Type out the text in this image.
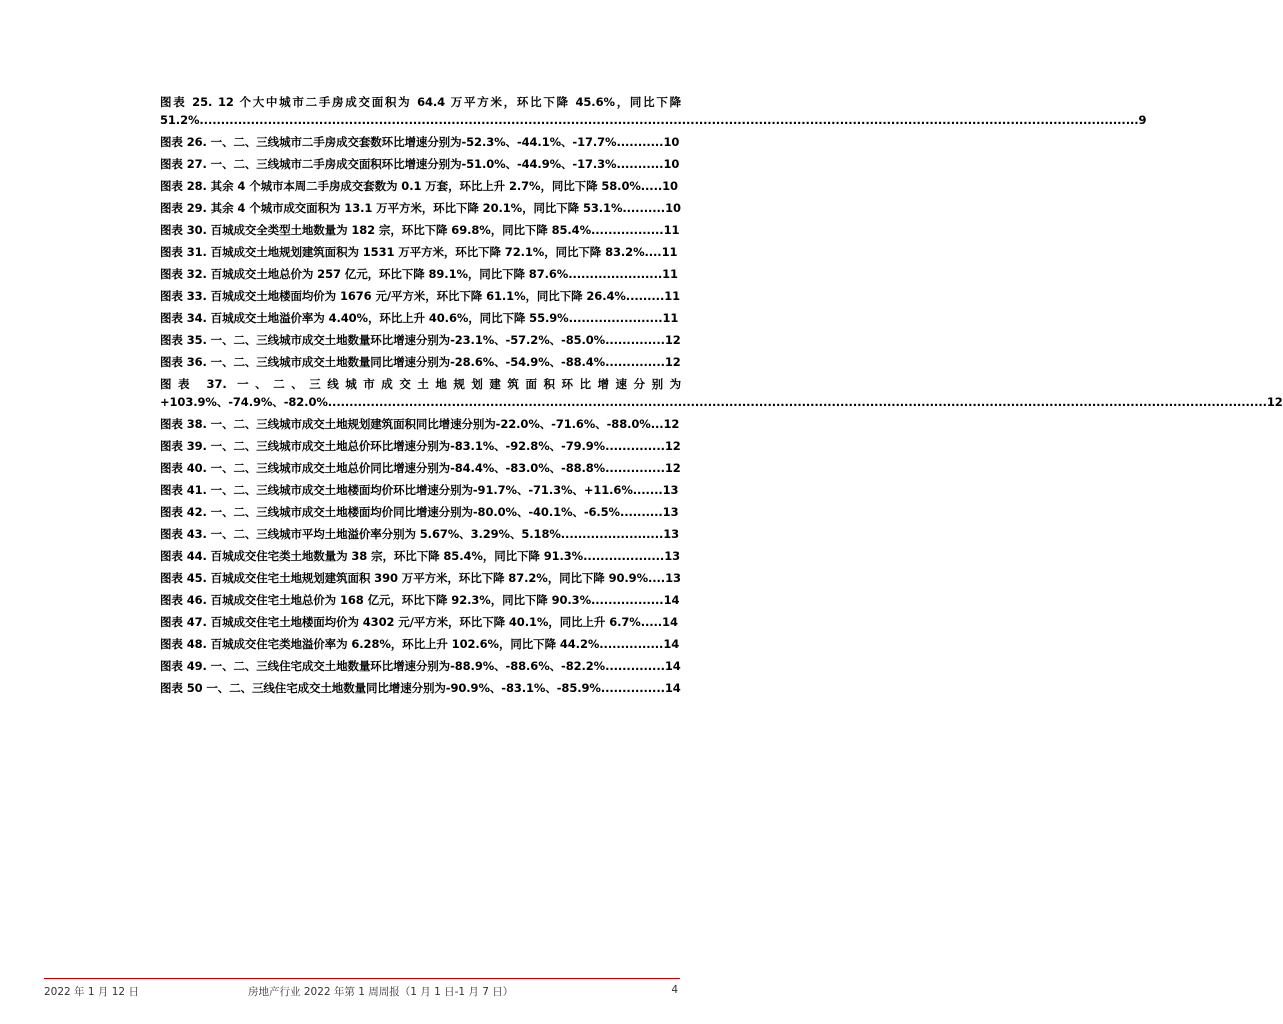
图表 25. 12 个大中城市二手房成交面积为 64.4 万平方米，环比下降 45.6%，同比下降 51.2%............................................................................................................................................................................................................................9
图表 26. 一、二、三线城市二手房成交套数环比增速分别为-52.3%、-44.1%、-17.7%...........10
图表 27. 一、二、三线城市二手房成交面积环比增速分别为-51.0%、-44.9%、-17.3%...........10
图表 28. 其余 4 个城市本周二手房成交套数为 0.1 万套，环比上升 2.7%，同比下降 58.0%.....10
图表 29. 其余 4 个城市成交面积为 13.1 万平方米，环比下降 20.1%，同比下降 53.1%..........10
图表 30. 百城成交全类型土地数量为 182 宗，环比下降 69.8%，同比下降 85.4%.................11
图表 31. 百城成交土地规划建筑面积为 1531 万平方米，环比下降 72.1%，同比下降 83.2%....11
图表 32. 百城成交土地总价为 257 亿元，环比下降 89.1%，同比下降 87.6%......................11
图表 33. 百城成交土地楼面均价为 1676 元/平方米，环比下降 61.1%，同比下降 26.4%.........11
图表 34. 百城成交土地溢价率为 4.40%，环比上升 40.6%，同比下降 55.9%......................11
图表 35. 一、二、三线城市成交土地数量环比增速分别为-23.1%、-57.2%、-85.0%..............12
图表 36. 一、二、三线城市成交土地数量同比增速分别为-28.6%、-54.9%、-88.4%..............12
图表 37. 一、二、三线城市成交土地规划建筑面积环比增速分别为+103.9%、-74.9%、-82.0%............................................................................................................................................................................................................................12
图表 38. 一、二、三线城市成交土地规划建筑面积同比增速分别为-22.0%、-71.6%、-88.0%...12
图表 39. 一、二、三线城市成交土地总价环比增速分别为-83.1%、-92.8%、-79.9%..............12
图表 40. 一、二、三线城市成交土地总价同比增速分别为-84.4%、-83.0%、-88.8%..............12
图表 41. 一、二、三线城市成交土地楼面均价环比增速分别为-91.7%、-71.3%、+11.6%.......13
图表 42. 一、二、三线城市成交土地楼面均价同比增速分别为-80.0%、-40.1%、-6.5%..........13
图表 43. 一、二、三线城市平均土地溢价率分别为 5.67%、3.29%、5.18%........................13
图表 44. 百城成交住宅类土地数量为 38 宗，环比下降 85.4%，同比下降 91.3%...................13
图表 45. 百城成交住宅土地规划建筑面积 390 万平方米，环比下降 87.2%，同比下降 90.9%....13
图表 46. 百城成交住宅土地总价为 168 亿元，环比下降 92.3%，同比下降 90.3%.................14
图表 47. 百城成交住宅土地楼面均价为 4302 元/平方米，环比下降 40.1%，同比上升 6.7%.....14
图表 48. 百城成交住宅类地溢价率为 6.28%，环比上升 102.6%，同比下降 44.2%...............14
图表 49. 一、二、三线住宅成交土地数量环比增速分别为-88.9%、-88.6%、-82.2%..............14
图表 50 一、二、三线住宅成交土地数量同比增速分别为-90.9%、-83.1%、-85.9%...............14
2022 年 1 月 12 日	房地产行业 2022 年第 1 周周报（1 月 1 日-1 月 7 日）	4
